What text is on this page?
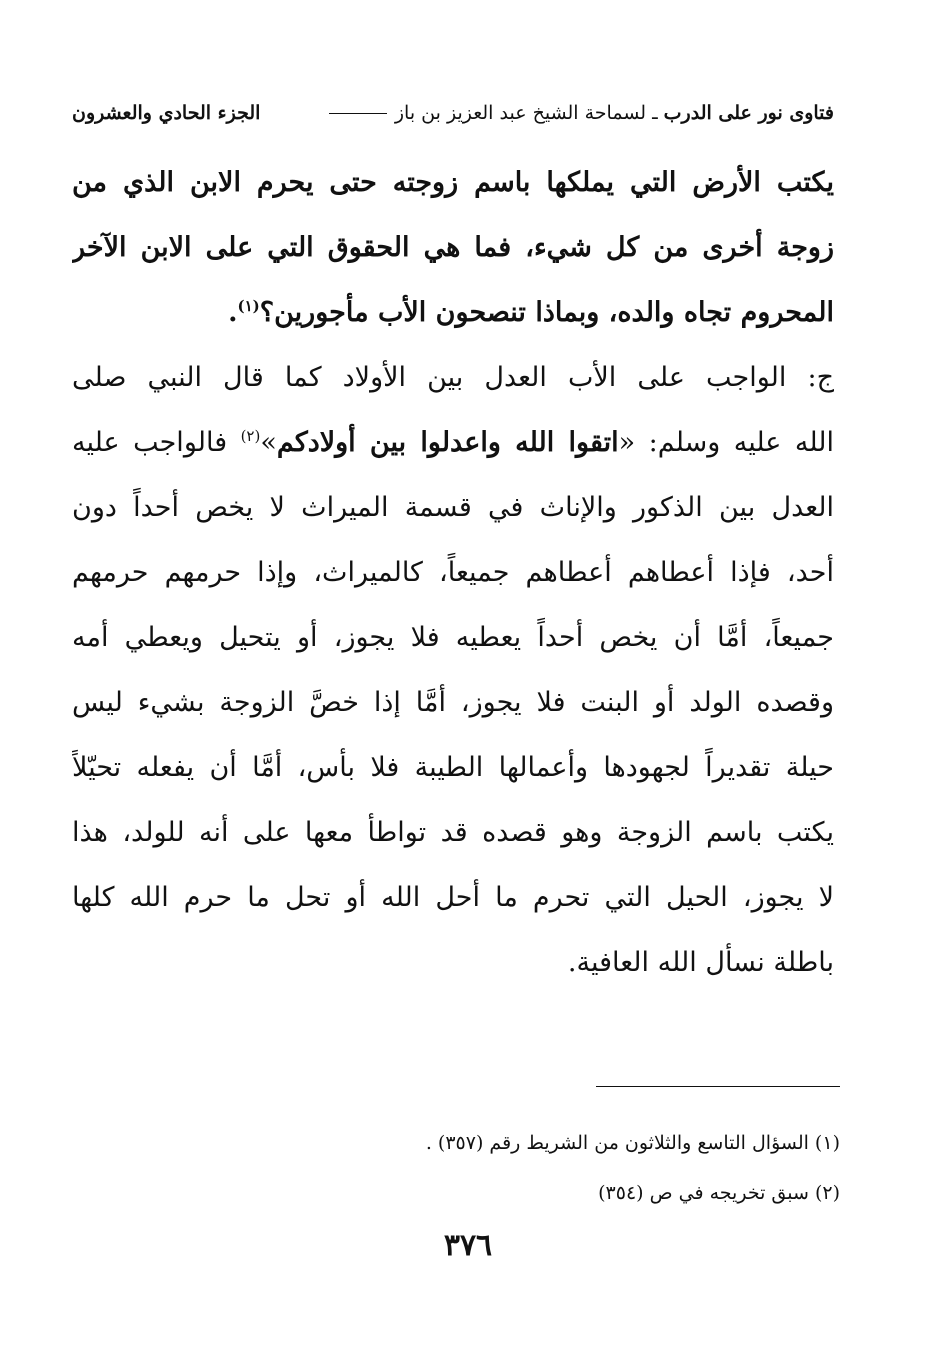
فتاوى نور على الدرب
ـ
لسماحة الشيخ عبد العزيز بن باز
الجزء الحادي والعشرون
يكتب الأرض التي يملكها باسم زوجته حتى يحرم الابن الذي من
زوجة أخرى من كل شيء، فما هي الحقوق التي على الابن الآخر
المحروم تجاه والده، وبماذا تنصحون الأب مأجورين؟$^{(١)}$.
ج: الواجب على الأب العدل بين الأولاد كما قال النبي صلى
الله عليه وسلم: «اتقوا الله واعدلوا بين أولادكم»$^{(٢)}$ فالواجب عليه
العدل بين الذكور والإناث في قسمة الميراث لا يخص أحداً دون
أحد، فإذا أعطاهم أعطاهم جميعاً، كالميراث، وإذا حرمهم حرمهم
جميعاً، أمَّا أن يخص أحداً يعطيه فلا يجوز، أو يتحيل ويعطي أمه
وقصده الولد أو البنت فلا يجوز، أمَّا إذا خصَّ الزوجة بشيء ليس
حيلة تقديراً لجهودها وأعمالها الطيبة فلا بأس، أمَّا أن يفعله تحيّلاً
يكتب باسم الزوجة وهو قصده قد تواطأ معها على أنه للولد، هذا
لا يجوز، الحيل التي تحرم ما أحل الله أو تحل ما حرم الله كلها
باطلة نسأل الله العافية.
(١) السؤال التاسع والثلاثون من الشريط رقم (٣٥٧) .
(٢) سبق تخريجه في ص (٣٥٤)
٣٧٦
